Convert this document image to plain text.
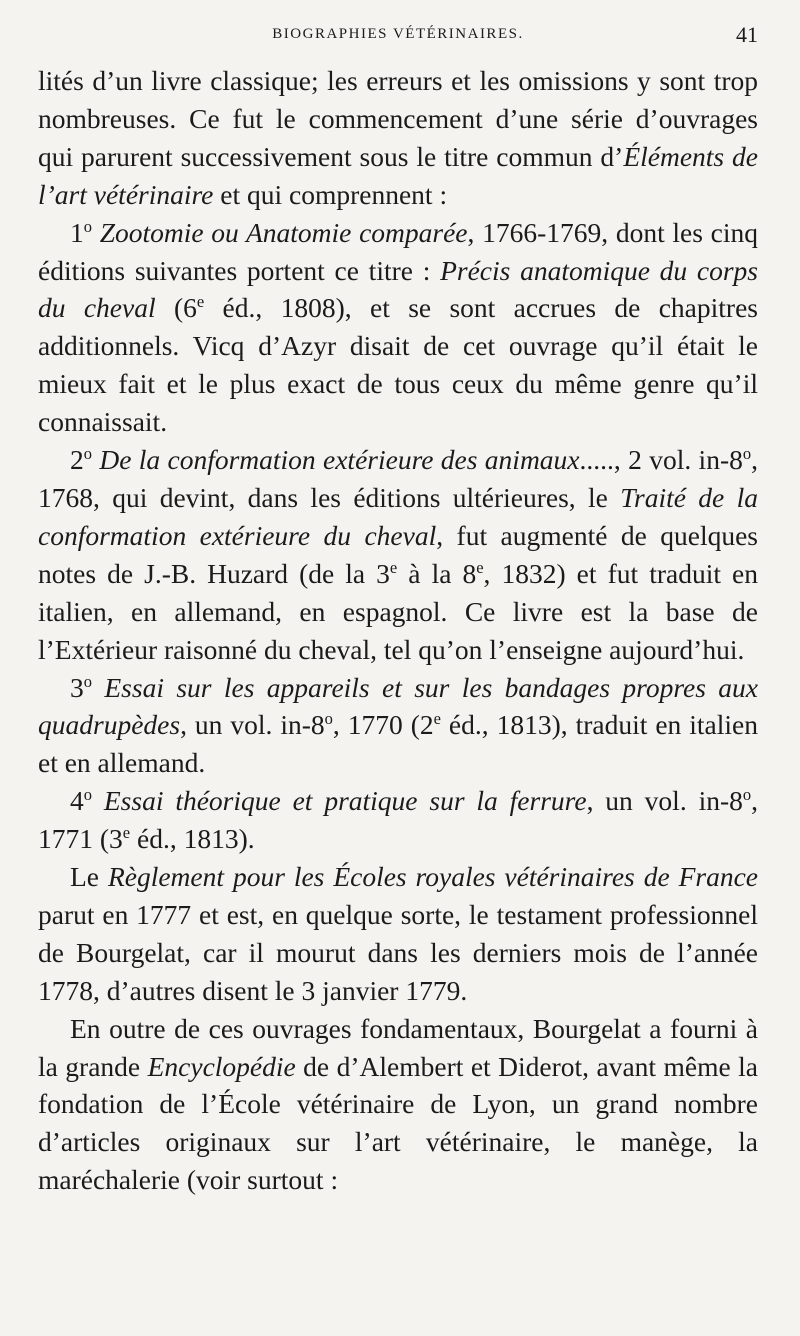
BIOGRAPHIES VÉTÉRINAIRES.	41

lités d’un livre classique; les erreurs et les omissions y sont trop nombreuses. Ce fut le commencement d’une série d’ouvrages qui parurent successivement sous le titre commun d’Éléments de l’art vétérinaire et qui comprennent :

1$^o$ Zootomie ou Anatomie comparée, 1766-1769, dont les cinq éditions suivantes portent ce titre : Précis anatomique du corps du cheval (6e éd., 1808), et se sont accrues de chapitres additionnels. Vicq d’Azyr disait de cet ouvrage qu’il était le mieux fait et le plus exact de tous ceux du même genre qu’il connaissait.

2$^o$ De la conformation extérieure des animaux....., 2 vol. in-8$^o$, 1768, qui devint, dans les éditions ultérieures, le Traité de la conformation extérieure du cheval, fut augmenté de quelques notes de J.-B. Huzard (de la 3e à la 8e, 1832) et fut traduit en italien, en allemand, en espagnol. Ce livre est la base de l’Extérieur raisonné du cheval, tel qu’on l’enseigne aujourd’hui.

3$^o$ Essai sur les appareils et sur les bandages propres aux quadrupèdes, un vol. in-8$^o$, 1770 (2e éd., 1813), traduit en italien et en allemand.

4$^o$ Essai théorique et pratique sur la ferrure, un vol. in-8$^o$, 1771 (3e éd., 1813).

Le Règlement pour les Écoles royales vétérinaires de France parut en 1777 et est, en quelque sorte, le testament professionnel de Bourgelat, car il mourut dans les derniers mois de l’année 1778, d’autres disent le 3 janvier 1779.

En outre de ces ouvrages fondamentaux, Bourgelat a fourni à la grande Encyclopédie de d’Alembert et Diderot, avant même la fondation de l’École vétérinaire de Lyon, un grand nombre d’articles originaux sur l’art vétérinaire, le manège, la maréchalerie (voir surtout :
